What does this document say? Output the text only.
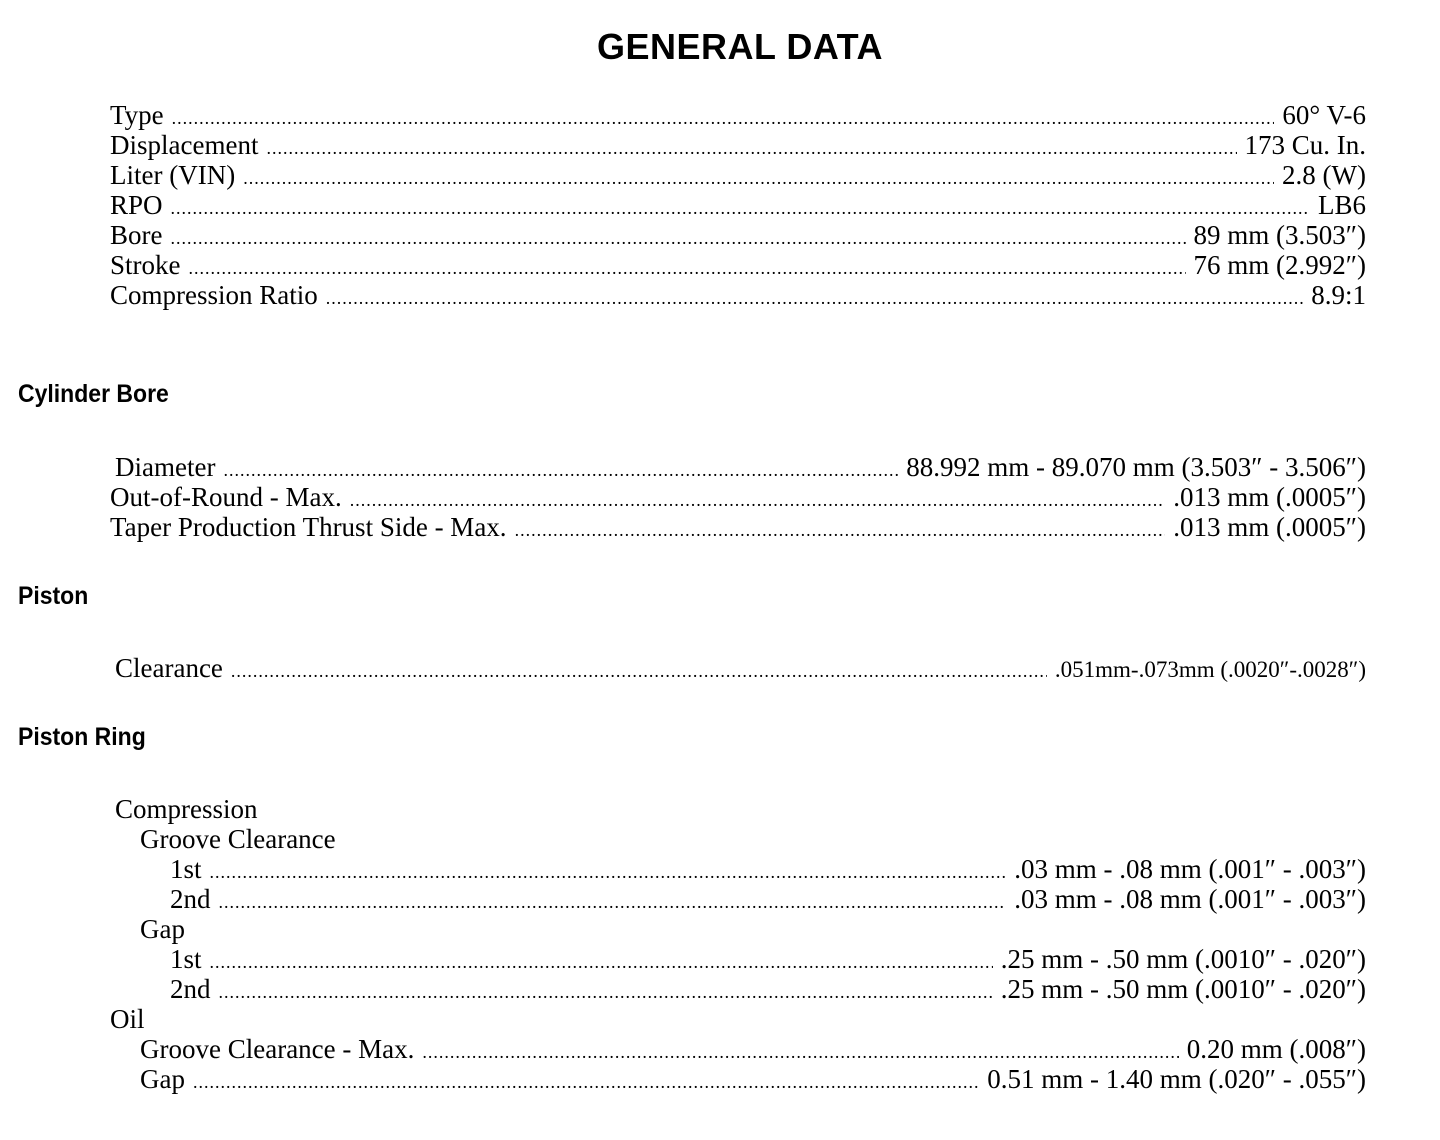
GENERAL DATA
Type .....	60° V-6
Displacement .....	173 Cu. In.
Liter (VIN) .....	2.8 (W)
RPO .....	LB6
Bore .....	89 mm (3.503″)
Stroke .....	76 mm (2.992″)
Compression Ratio .....	8.9:1
Cylinder Bore
Diameter .....	88.992 mm - 89.070 mm (3.503″ - 3.506″)
Out-of-Round - Max. .....	.013 mm (.0005″)
Taper Production Thrust Side - Max. .....	.013 mm (.0005″)
Piston
Clearance .....	.051mm-.073mm (.0020″-.0028″)
Piston Ring
Compression
Groove Clearance
1st .....	.03 mm - .08 mm (.001″ - .003″)
2nd .....	.03 mm - .08 mm (.001″ - .003″)
Gap
1st .....	.25 mm - .50 mm (.0010″ - .020″)
2nd .....	.25 mm - .50 mm (.0010″ - .020″)
Oil
Groove Clearance - Max. .....	0.20 mm (.008″)
Gap .....	0.51 mm - 1.40 mm (.020″ - .055″)
